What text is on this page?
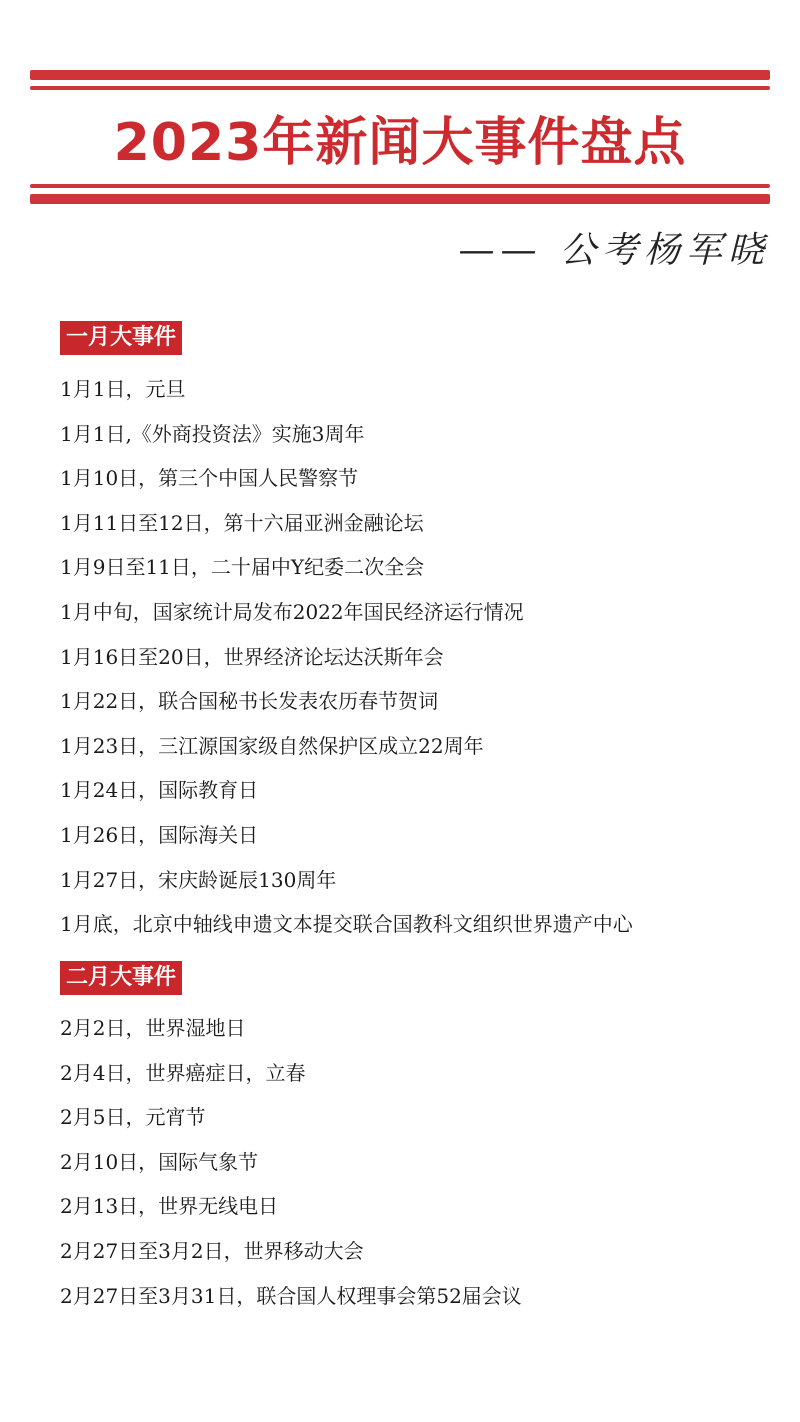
2023年新闻大事件盘点
—— 公考杨军晓
一月大事件
1月1日，元旦
1月1日,《外商投资法》实施3周年
1月10日，第三个中国人民警察节
1月11日至12日，第十六届亚洲金融论坛
1月9日至11日，二十届中Y纪委二次全会
1月中旬，国家统计局发布2022年国民经济运行情况
1月16日至20日，世界经济论坛达沃斯年会
1月22日，联合国秘书长发表农历春节贺词
1月23日，三江源国家级自然保护区成立22周年
1月24日，国际教育日
1月26日，国际海关日
1月27日，宋庆龄诞辰130周年
1月底，北京中轴线申遗文本提交联合国教科文组织世界遗产中心
二月大事件
2月2日，世界湿地日
2月4日，世界癌症日，立春
2月5日，元宵节
2月10日，国际气象节
2月13日，世界无线电日
2月27日至3月2日，世界移动大会
2月27日至3月31日，联合国人权理事会第52届会议
